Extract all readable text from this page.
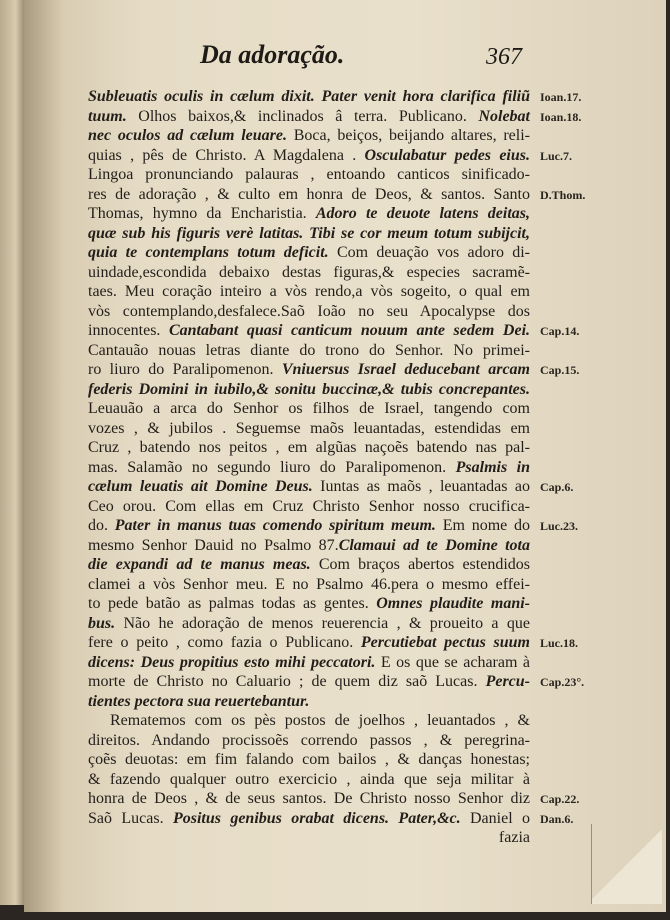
Da adoração.	367
Subleuatis oculis in cælum dixit. Pater venit hora clarifica filiũ
tuum. Olhos baixos,& inclinados â terra. Publicano. Nolebat
nec oculos ad cælum leuare. Boca, beiços, beijando altares, reli-
quias , pês de Christo. A Magdalena . Osculabatur pedes eius.
Lingoa pronunciando palauras , entoando canticos sinificado-
res de adoração , & culto em honra de Deos, & santos. Santo
Thomas, hymno da Encharistia. Adoro te deuote latens deitas,
quæ sub his figuris verè latitas. Tibi se cor meum totum subijcit,
quia te contemplans totum deficit. Com deuação vos adoro di-
uindade,escondida debaixo destas figuras,& especies sacramẽ-
taes. Meu coração inteiro a vòs rendo,a vòs sogeito, o qual em
vòs contemplando,desfalece.Saõ Ioão no seu Apocalypse dos
innocentes. Cantabant quasi canticum nouum ante sedem Dei.
Cantauão nouas letras diante do trono do Senhor. No primei-
ro liuro do Paralipomenon. Vniuersus Israel deducebant arcam
federis Domini in iubilo,& sonitu buccinæ,& tubis concrepantes.
Leuauão a arca do Senhor os filhos de Israel, tangendo com
vozes , & jubilos . Seguemse maõs leuantadas, estendidas em
Cruz , batendo nos peitos , em algũas naçoẽs batendo nas pal-
mas. Salamão no segundo liuro do Paralipomenon. Psalmis in
cælum leuatis ait Domine Deus. Iuntas as maõs , leuantadas ao
Ceo orou. Com ellas em Cruz Christo Senhor nosso crucifica-
do. Pater in manus tuas comendo spiritum meum. Em nome do
mesmo Senhor Dauid no Psalmo 87.Clamaui ad te Domine tota
die expandi ad te manus meas. Com braços abertos estendidos
clamei a vòs Senhor meu. E no Psalmo 46.pera o mesmo effei-
to pede batão as palmas todas as gentes. Omnes plaudite mani-
bus. Não he adoração de menos reuerencia , & proueito a que
fere o peito , como fazia o Publicano. Percutiebat pectus suum
dicens: Deus propitius esto mihi peccatori. E os que se acharam à
morte de Christo no Caluario ; de quem diz saõ Lucas. Percu-
tientes pectora sua reuertebantur.
Rematemos com os pès postos de joelhos , leuantados , &
direitos. Andando procissoẽs correndo passos , & peregrina-
çoẽs deuotas: em fim falando com bailos , & danças honestas;
& fazendo qualquer outro exercicio , ainda que seja militar à
honra de Deos , & de seus santos. De Christo nosso Senhor diz
Saõ Lucas. Positus genibus orabat dicens. Pater,&c. Daniel o
fazia
Ioan.17.
Ioan.18.
Luc.7.
D.Thom.
Cap.14.
Cap.15.
Cap.6.
Luc.23.
Luc.18.
Cap.23°.
Cap.22.
Dan.6.
